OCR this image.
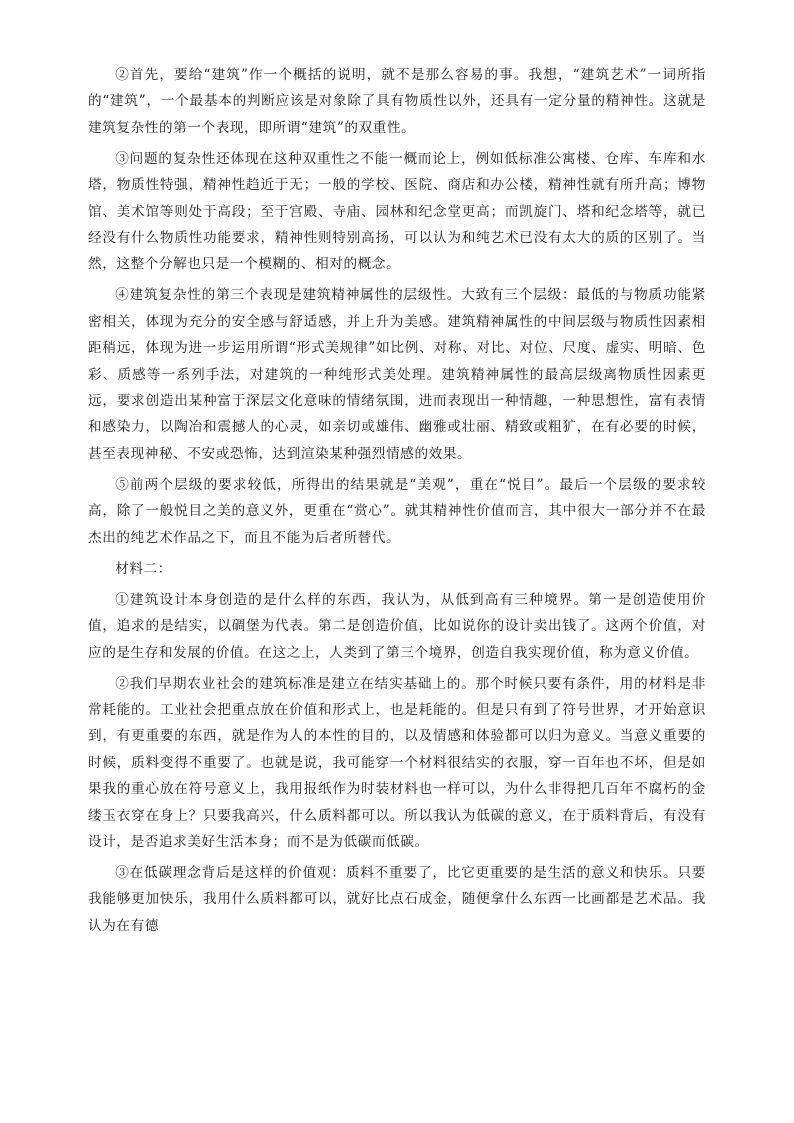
②首先，要给“建筑”作一个概括的说明，就不是那么容易的事。我想，“建筑艺术”一词所指的“建筑”，一个最基本的判断应该是对象除了具有物质性以外，还具有一定分量的精神性。这就是建筑复杂性的第一个表现，即所谓“建筑”的双重性。

③问题的复杂性还体现在这种双重性之不能一概而论上，例如低标准公寓楼、仓库、车库和水塔，物质性特强，精神性趋近于无；一般的学校、医院、商店和办公楼，精神性就有所升高；博物馆、美术馆等则处于高段；至于宫殿、寺庙、园林和纪念堂更高；而凯旋门、塔和纪念塔等，就已经没有什么物质性功能要求，精神性则特别高扬，可以认为和纯艺术已没有太大的质的区别了。当然，这整个分解也只是一个模糊的、相对的概念。

④建筑复杂性的第三个表现是建筑精神属性的层级性。大致有三个层级：最低的与物质功能紧密相关，体现为充分的安全感与舒适感，并上升为美感。建筑精神属性的中间层级与物质性因素相距稍远，体现为进一步运用所谓“形式美规律”如比例、对称、对比、对位、尺度、虚实、明暗、色彩、质感等一系列手法，对建筑的一种纯形式美处理。建筑精神属性的最高层级离物质性因素更远，要求创造出某种富于深层文化意味的情绪氛围，进而表现出一种情趣，一种思想性，富有表情和感染力，以陶冶和震撼人的心灵，如亲切或雄伟、幽雅或壮丽、精致或粗犷，在有必要的时候，甚至表现神秘、不安或恐怖，达到渲染某种强烈情感的效果。

⑤前两个层级的要求较低，所得出的结果就是“美观”，重在“悦目”。最后一个层级的要求较高，除了一般悦目之美的意义外，更重在“赏心”。就其精神性价值而言，其中很大一部分并不在最杰出的纯艺术作品之下，而且不能为后者所替代。

材料二：

①建筑设计本身创造的是什么样的东西，我认为，从低到高有三种境界。第一是创造使用价值，追求的是结实，以碉堡为代表。第二是创造价值，比如说你的设计卖出钱了。这两个价值，对应的是生存和发展的价值。在这之上，人类到了第三个境界，创造自我实现价值，称为意义价值。

②我们早期农业社会的建筑标准是建立在结实基础上的。那个时候只要有条件，用的材料是非常耗能的。工业社会把重点放在价值和形式上，也是耗能的。但是只有到了符号世界，才开始意识到，有更重要的东西，就是作为人的本性的目的，以及情感和体验都可以归为意义。当意义重要的时候，质料变得不重要了。也就是说，我可能穿一个材料很结实的衣服，穿一百年也不坏，但是如果我的重心放在符号意义上，我用报纸作为时装材料也一样可以，为什么非得把几百年不腐朽的金缕玉衣穿在身上？只要我高兴，什么质料都可以。所以我认为低碳的意义，在于质料背后，有没有设计，是否追求美好生活本身；而不是为低碳而低碳。

③在低碳理念背后是这样的价值观：质料不重要了，比它更重要的是生活的意义和快乐。只要我能够更加快乐，我用什么质料都可以，就好比点石成金，随便拿什么东西一比画都是艺术品。我认为在有德
